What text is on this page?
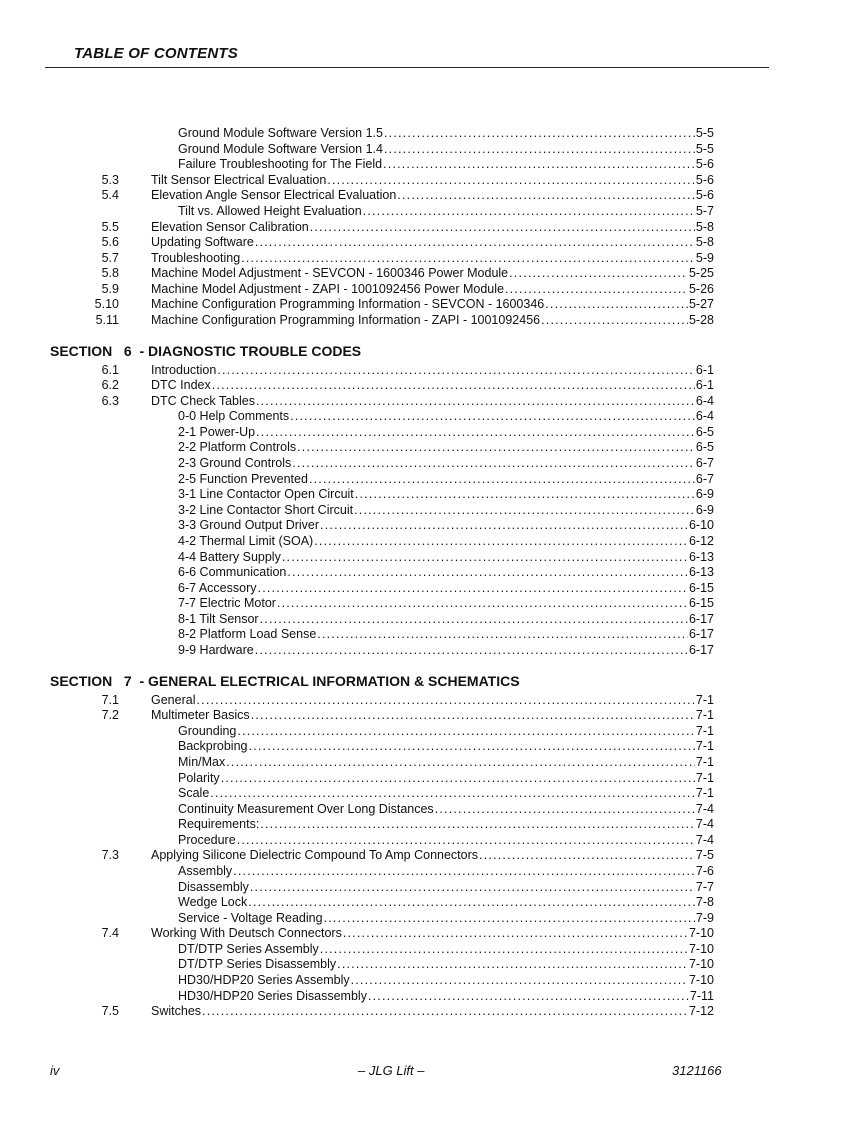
TABLE OF CONTENTS
Ground Module Software Version 1.5 .....	5-5
Ground Module Software Version 1.4 .....	5-5
Failure Troubleshooting for The Field .....	5-6
5.3	Tilt Sensor Electrical Evaluation .....	5-6
5.4	Elevation Angle Sensor Electrical Evaluation .....	5-6
Tilt vs. Allowed Height Evaluation .....	5-7
5.5	Elevation Sensor Calibration .....	5-8
5.6	Updating Software .....	5-8
5.7	Troubleshooting .....	5-9
5.8	Machine Model Adjustment - SEVCON - 1600346 Power Module .....	5-25
5.9	Machine Model Adjustment - ZAPI - 1001092456 Power Module .....	5-26
5.10	Machine Configuration Programming Information - SEVCON - 1600346 .....	5-27
5.11	Machine Configuration Programming Information - ZAPI - 1001092456 .....	5-28
SECTION   6  - DIAGNOSTIC TROUBLE CODES
6.1	Introduction .....	6-1
6.2	DTC Index .....	6-1
6.3	DTC Check Tables .....	6-4
0-0 Help Comments .....	6-4
2-1 Power-Up .....	6-5
2-2 Platform Controls .....	6-5
2-3 Ground Controls .....	6-7
2-5 Function Prevented .....	6-7
3-1 Line Contactor Open Circuit .....	6-9
3-2 Line Contactor Short Circuit .....	6-9
3-3 Ground Output Driver .....	6-10
4-2 Thermal Limit (SOA) .....	6-12
4-4 Battery Supply .....	6-13
6-6 Communication .....	6-13
6-7 Accessory .....	6-15
7-7 Electric Motor .....	6-15
8-1 Tilt Sensor .....	6-17
8-2 Platform Load Sense .....	6-17
9-9 Hardware .....	6-17
SECTION   7  - GENERAL ELECTRICAL INFORMATION & SCHEMATICS
7.1	General .....	7-1
7.2	Multimeter Basics .....	7-1
Grounding .....	7-1
Backprobing .....	7-1
Min/Max .....	7-1
Polarity .....	7-1
Scale .....	7-1
Continuity Measurement Over Long Distances .....	7-4
Requirements: .....	7-4
Procedure .....	7-4
7.3	Applying Silicone Dielectric Compound To Amp Connectors .....	7-5
Assembly .....	7-6
Disassembly .....	7-7
Wedge Lock .....	7-8
Service - Voltage Reading .....	7-9
7.4	Working With Deutsch Connectors .....	7-10
DT/DTP Series Assembly .....	7-10
DT/DTP Series Disassembly .....	7-10
HD30/HDP20 Series Assembly .....	7-10
HD30/HDP20 Series Disassembly .....	7-11
7.5	Switches .....	7-12
iv	– JLG Lift –	3121166
